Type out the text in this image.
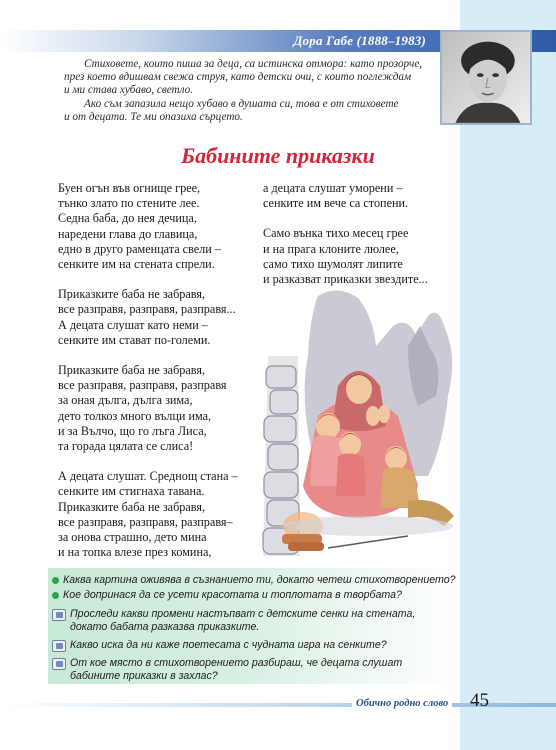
Дора Габе (1888–1983)

Стиховете, които пиша за деца, са истинска отмора: като прозорче,
през което вдишвам свежа струя, като детски очи, с които поглеждам
и ми става хубаво, светло.

Ако съм запазила нещо хубаво в душата си, това е от стиховете
и от децата. Те ми опазиха сърцето.

Бабините приказки
Буен огън във огнище грее,
тънко злато по стените лее.
Седна баба, до нея дечица,
наредени глава до главица,
едно в друго раменцата свели –
сенките им на стената спрели.
Приказките баба не забравя,
все разправя, разправя, разправя...
А децата слушат като неми –
сенките им стават по-големи.
Приказките баба не забравя,
все разправя, разправя, разправя
за оная дълга, дълга зима,
дето толкоз много вълци има,
и за Вълчо, що го лъга Лиса,
та горада цялата се слиса!
А децата слушат. Среднощ стана –
сенките им стигнаха тавана.
Приказките баба не забравя,
все разправя, разправя, разправя–
за онова страшно, дето мина
и на топка влезе през комина,
а децата слушат уморени –
сенките им вече са стопени.
Само вънка тихо месец грее
и на прага клоните люлее,
само тихо шумолят липите
и разказват приказки звездите...
Каква картина оживява в съзнанието ти, докато четеш стихотворението?
Кое допринася да се усети красотата и топлотата в творбата?
Проследи какви промени настъпват с детските сенки на стената,
докато бабата разказва приказките.
Какво иска да ни каже поетесата с чудната игра на сенките?
От кое място в стихотворението разбираш, че децата слушат
бабините приказки в захлас?
Обично родно слово 45
